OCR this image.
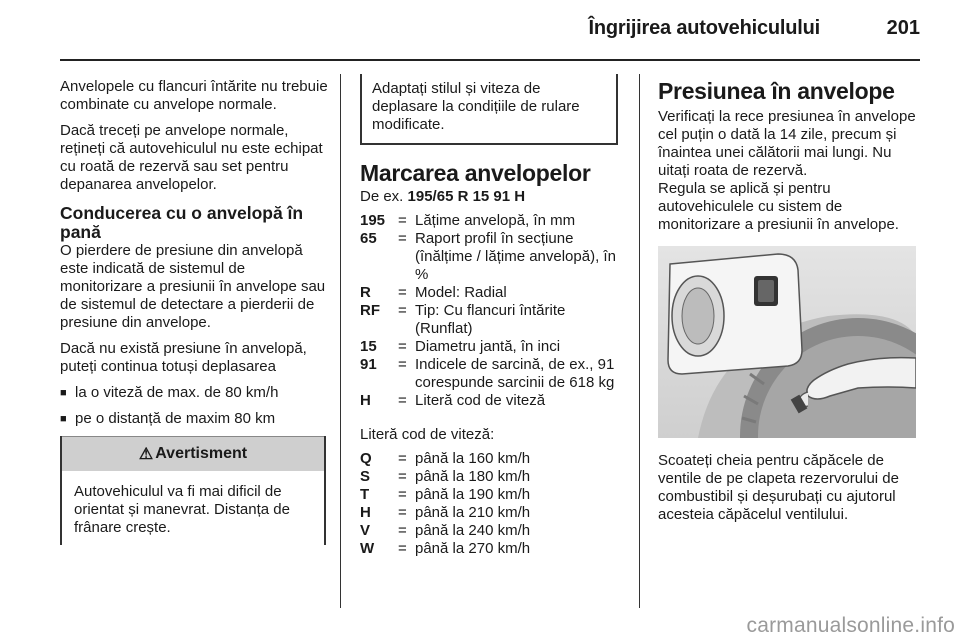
Îngrijirea autovehiculului	201

Anvelopele cu flancuri întărite nu trebuie combinate cu anvelope normale.

Dacă treceți pe anvelope normale, rețineți că autovehiculul nu este echipat cu roată de rezervă sau set pentru depanarea anvelopelor.

Conducerea cu o anvelopă în pană

O pierdere de presiune din anvelopă este indicată de sistemul de monitorizare a presiunii în anvelope sau de sistemul de detectare a pierderii de presiune din anvelope.

Dacă nu există presiune în anvelopă, puteți continua totuși deplasarea

■ la o viteză de max. de 80 km/h
■ pe o distanță de maxim 80 km
⚠ Avertisment
Autovehiculul va fi mai dificil de orientat și manevrat. Distanța de frânare crește.
Adaptați stilul și viteza de deplasare la condițiile de rulare modificate.
Marcarea anvelopelor

De ex. 195/65 R 15 91 H

195 = Lățime anvelopă, în mm
65	= Raport profil în secțiune (înălțime / lățime anvelopă), în %
R	= Model: Radial
RF	= Tip: Cu flancuri întărite (Runflat)
15	= Diametru jantă, în inci
91	= Indicele de sarcină, de ex., 91 corespunde sarcinii de 618 kg
H	= Literă cod de viteză

Literă cod de viteză:

Q	= până la 160 km/h
S	= până la 180 km/h
T	= până la 190 km/h
H	= până la 210 km/h
V	= până la 240 km/h
W	= până la 270 km/h
Presiunea în anvelope

Verificați la rece presiunea în anvelope cel puțin o dată la 14 zile, precum și înaintea unei călătorii mai lungi. Nu uitați roata de rezervă.

Regula se aplică și pentru autovehiculele cu sistem de monitorizare a presiunii în anvelope.

Scoateți cheia pentru căpăcele de ventile de pe clapeta rezervorului de combustibil și deșurubați cu ajutorul acesteia căpăcelul ventilului.

carmanualsonline.info
